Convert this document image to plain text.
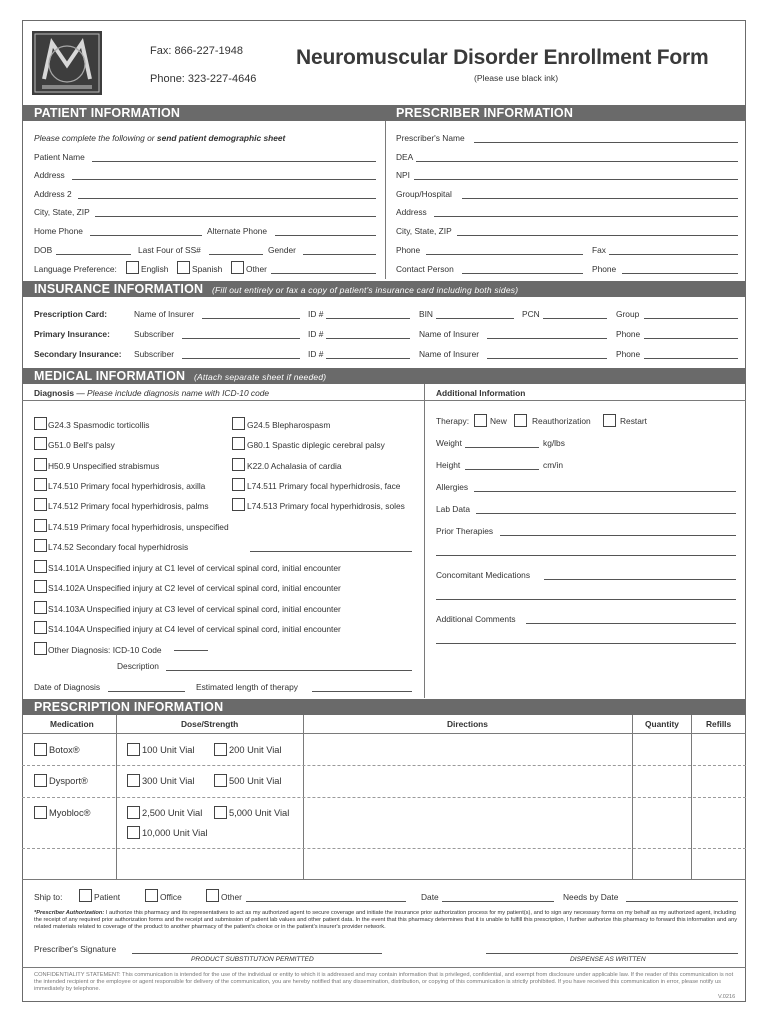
Fax: 866-227-1948
Phone: 323-227-4646
Neuromuscular Disorder Enrollment Form
(Please use black ink)
PATIENT INFORMATION	PRESCRIBER INFORMATION
Please complete the following or send patient demographic sheet
Patient Name
Address
Address 2
City, State, ZIP
Home Phone	Alternate Phone
DOB	Last Four of SS#	Gender
Language Preference:	English	Spanish	Other
Prescriber's Name
DEA
NPI
Group/Hospital
Address
City, State, ZIP
Phone	Fax
Contact Person	Phone
INSURANCE INFORMATION (Fill out entirely or fax a copy of patient's insurance card including both sides)
Prescription Card:	Name of Insurer	ID #	BIN	PCN	Group
Primary Insurance:	Subscriber	ID #	Name of Insurer	Phone
Secondary Insurance: Subscriber	ID #	Name of Insurer	Phone
MEDICAL INFORMATION (Attach separate sheet if needed)
Diagnosis — Please include diagnosis name with ICD-10 code	Additional Information
G24.3 Spasmodic torticollis
G51.0 Bell's palsy
H50.9 Unspecified strabismus
L74.510 Primary focal hyperhidrosis, axilla
L74.512 Primary focal hyperhidrosis, palms
L74.519 Primary focal hyperhidrosis, unspecified
L74.52 Secondary focal hyperhidrosis
S14.101A Unspecified injury at C1 level of cervical spinal cord, initial encounter
S14.102A Unspecified injury at C2 level of cervical spinal cord, initial encounter
S14.103A Unspecified injury at C3 level of cervical spinal cord, initial encounter
S14.104A Unspecified injury at C4 level of cervical spinal cord, initial encounter
Other Diagnosis: ICD-10 Code
G24.5 Blepharospasm
G80.1 Spastic diplegic cerebral palsy
K22.0 Achalasia of cardia
L74.511 Primary focal hyperhidrosis, face
L74.513 Primary focal hyperhidrosis, soles
Description
Date of Diagnosis	Estimated length of therapy
Therapy: New	Reauthorization	Restart
Weight	kg/lbs
Height	cm/in
Allergies
Lab Data
Prior Therapies
Concomitant Medications
Additional Comments
PRESCRIPTION INFORMATION
Medication	Dose/Strength	Directions	Quantity	Refills
Botox®	100 Unit Vial	200 Unit Vial
Dysport®	300 Unit Vial	500 Unit Vial
Myobloc®	2,500 Unit Vial	5,000 Unit Vial
10,000 Unit Vial
Ship to:	Patient	Office	Other	Date	Needs by Date
*Prescriber Authorization: I authorize this pharmacy and its representatives to act as my authorized agent to secure coverage and initiate the insurance prior authorization process for my patient(s), and to sign any necessary forms on my behalf as my authorized agent, including the receipt of any required prior authorization forms and the receipt and submission of patient lab values and other patient data. In the event that this pharmacy determines that it is unable to fulfill this prescription, I further authorize this pharmacy to forward this information and any related materials related to coverage of the product to another pharmacy of the patient's choice or in the patient's insurer's provider network.
Prescriber's Signature
PRODUCT SUBSTITUTION PERMITTED	DISPENSE AS WRITTEN
CONFIDENTIALITY STATEMENT: This communication is intended for the use of the individual or entity to which it is addressed and may contain information that is privileged, confidential, and exempt from disclosure under applicable law. If the reader of this communication is not the intended recipient or the employee or agent responsible for delivery of the communication, you are hereby notified that any dissemination, distribution, or copying of this communication is strictly prohibited. If you have received this communication in error, please notify us immediately by telephone.
V.0216
